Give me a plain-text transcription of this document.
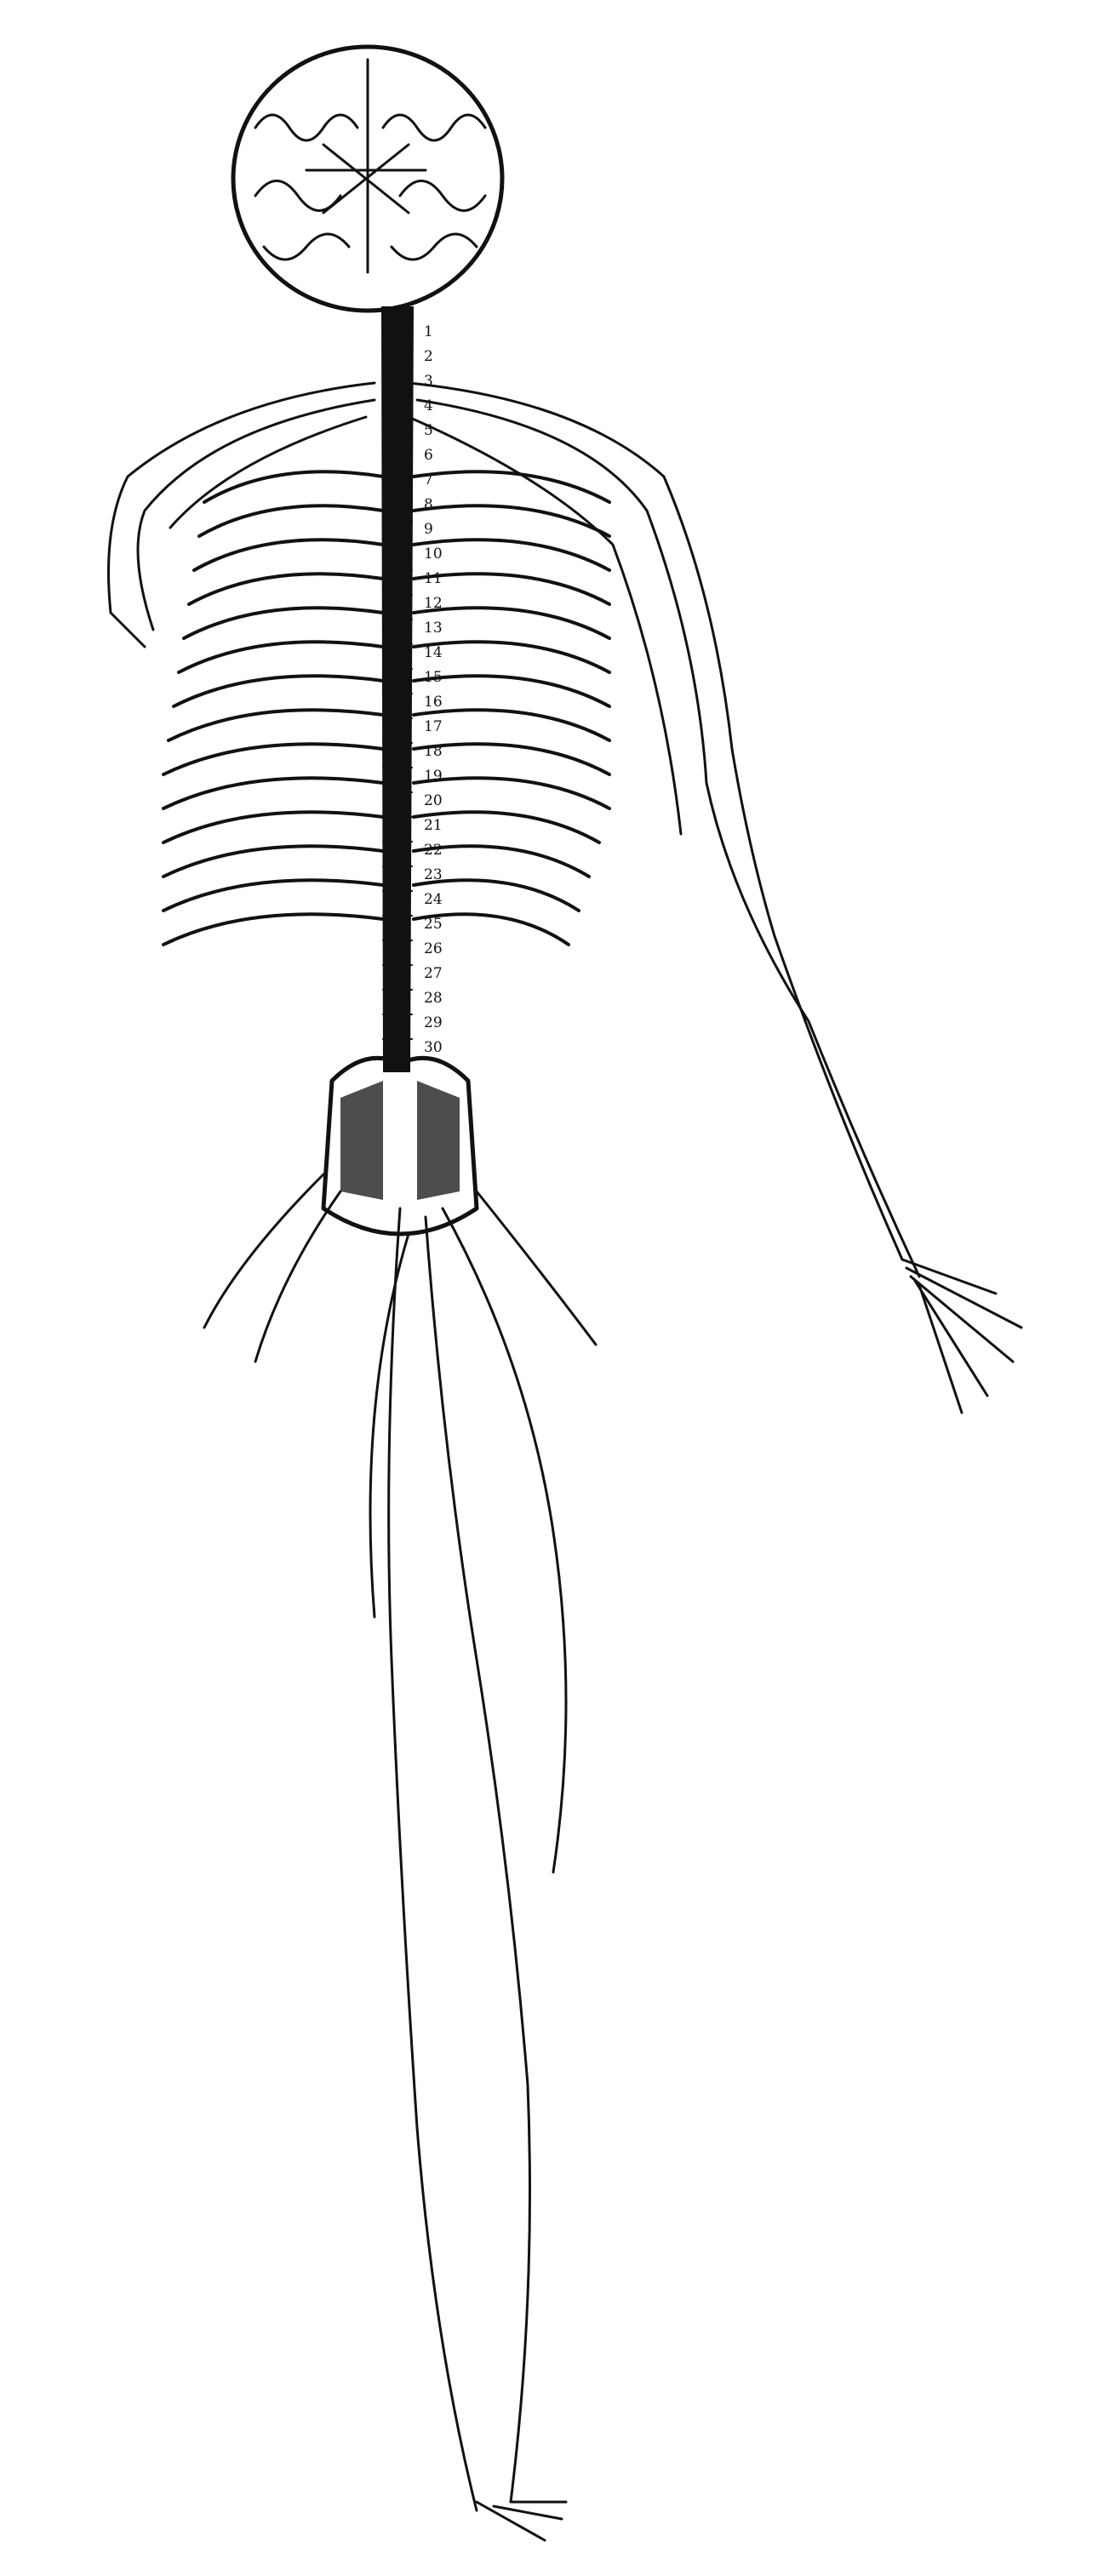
1
2
3
4
5
6
7
8
9
10
11
12
13
14
15
16
17
18
19
20
21
22
23
24
25
26
27
28
29
30
